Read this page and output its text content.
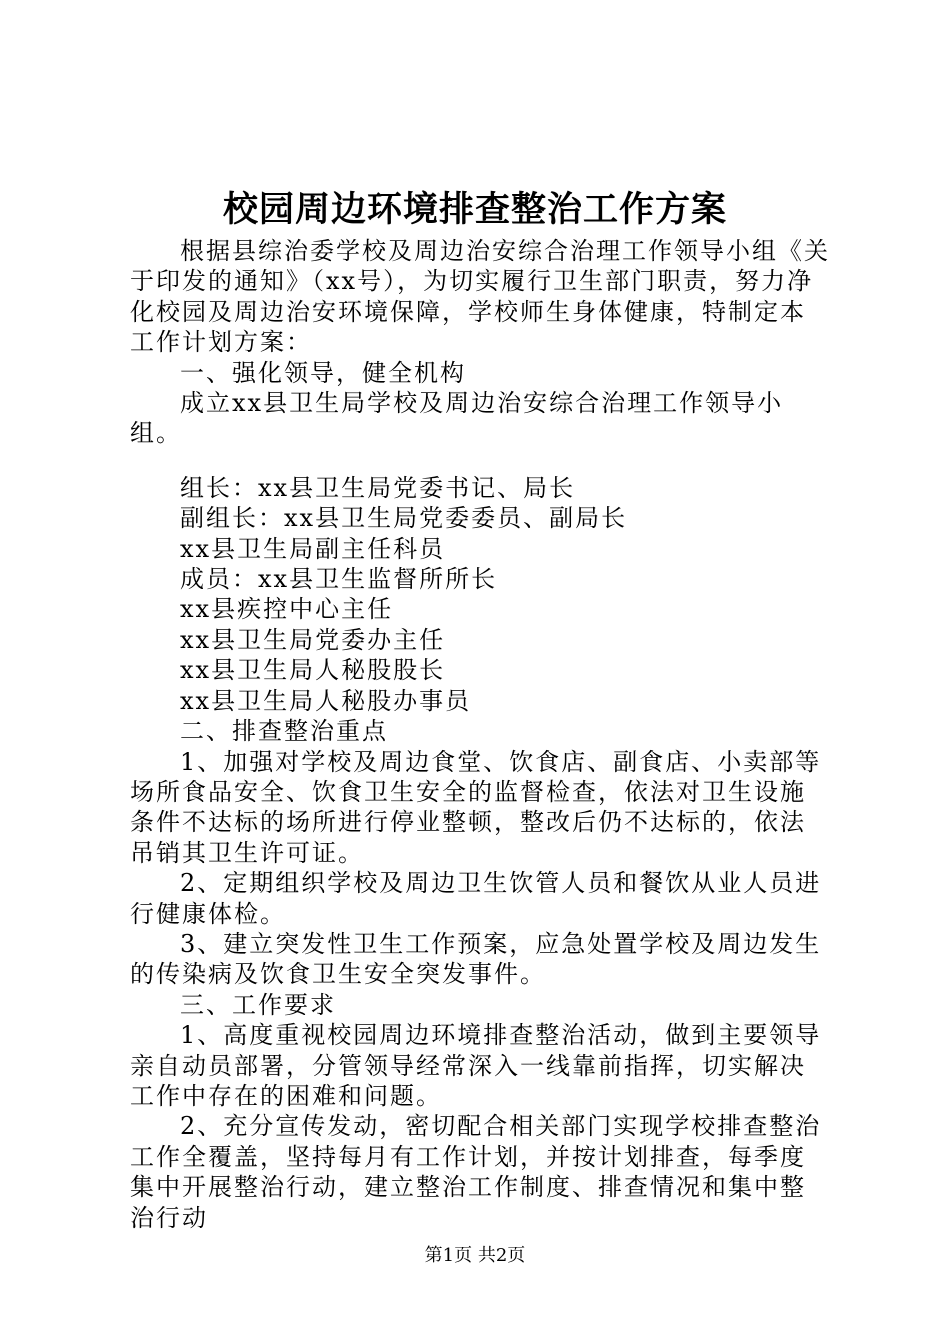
校园周边环境排查整治工作方案

根据县综治委学校及周边治安综合治理工作领导小组《关于印发的通知》（xx号），为切实履行卫生部门职责，努力净化校园及周边治安环境保障，学校师生身体健康，特制定本工作计划方案：

一、强化领导，健全机构

成立xx县卫生局学校及周边治安综合治理工作领导小组。

组长：xx县卫生局党委书记、局长

副组长：xx县卫生局党委委员、副局长

xx县卫生局副主任科员

成员：xx县卫生监督所所长

xx县疾控中心主任

xx县卫生局党委办主任

xx县卫生局人秘股股长

xx县卫生局人秘股办事员

二、排查整治重点

1、加强对学校及周边食堂、饮食店、副食店、小卖部等场所食品安全、饮食卫生安全的监督检查，依法对卫生设施条件不达标的场所进行停业整顿，整改后仍不达标的，依法吊销其卫生许可证。

2、定期组织学校及周边卫生饮管人员和餐饮从业人员进行健康体检。

3、建立突发性卫生工作预案，应急处置学校及周边发生的传染病及饮食卫生安全突发事件。

三、工作要求

1、高度重视校园周边环境排查整治活动，做到主要领导亲自动员部署，分管领导经常深入一线靠前指挥，切实解决工作中存在的困难和问题。

2、充分宣传发动，密切配合相关部门实现学校排查整治工作全覆盖，坚持每月有工作计划，并按计划排查，每季度集中开展整治行动，建立整治工作制度、排查情况和集中整治行动

第1页 共2页
